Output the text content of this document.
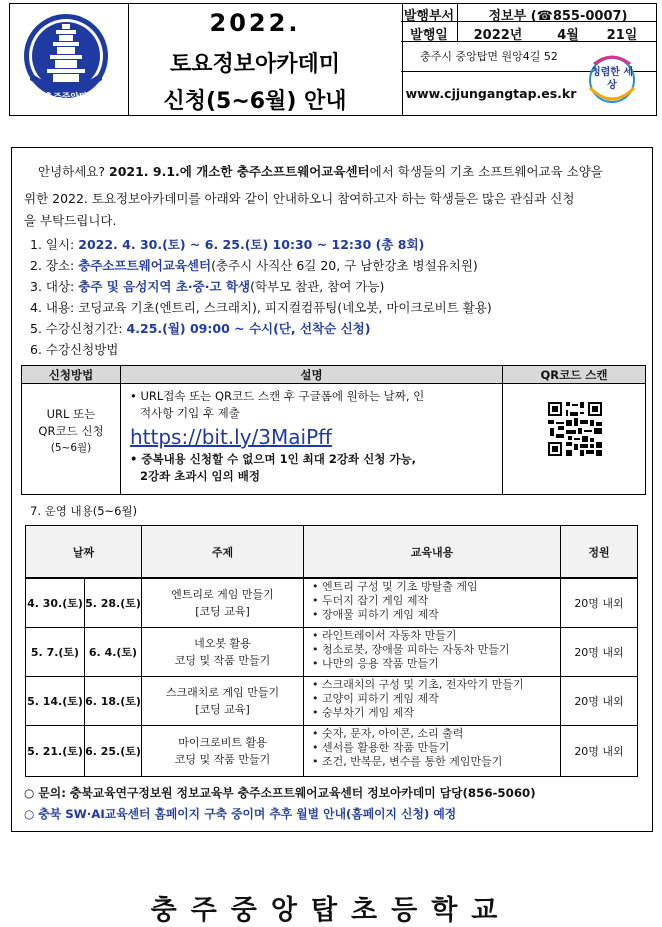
충주중앙탑
2022.
토요정보아카데미
신청(5~6월) 안내
발행부서	정보부 (☎855-0007)
발행일	2022년	4월	21일
충주시 중앙탑면 원앙4길 52
www.cjjungangtap.es.kr
청렴한 세상
안녕하세요? 2021. 9.1.에 개소한 충주소프트웨어교육센터에서 학생들의 기초 소프트웨어교육 소양을
위한 2022. 토요정보아카데미를 아래와 같이 안내하오니 참여하고자 하는 학생들은 많은 관심과 신청
을 부탁드립니다.
1. 일시: 2022. 4. 30.(토) ~ 6. 25.(토) 10:30 ~ 12:30 (총 8회)
2. 장소: 충주소프트웨어교육센터(충주시 사직산 6길 20, 구 남한강초 병설유치원)
3. 대상: 충주 및 음성지역 초·중·고 학생(학부모 참관, 참여 가능)
4. 내용: 코딩교육 기초(엔트리, 스크래치), 피지컬컴퓨팅(네오봇, 마이크로비트 활용)
5. 수강신청기간: 4.25.(월) 09:00 ~ 수시(단, 선착순 신청)
6. 수강신청방법
신청방법	설명	QR코드 스캔
URL 또는
QR코드 신청
(5~6월)
• URL접속 또는 QR코드 스캔 후 구글폼에 원하는 날짜, 인
적사항 기입 후 제출
https://bit.ly/3MaiPff
• 중복내용 신청할 수 없으며 1인 최대 2강좌 신청 가능,
2강좌 초과시 임의 배정
7. 운영 내용(5~6월)
날짜	주제	교육내용	정원
4. 30.(토) 5. 28.(토)
엔트리로 게임 만들기
[코딩 교육]
• 엔트리 구성 및 기초 방탈출 게임
• 두더지 잡기 게임 제작
• 장애물 피하기 게임 제작
20명 내외
5. 7.(토) 6. 4.(토)
네오봇 활용
코딩 및 작품 만들기
• 라인트레이서 자동차 만들기
• 청소로봇, 장애물 피하는 자동차 만들기
• 나만의 응용 작품 만들기
20명 내외
5. 14.(토) 6. 18.(토)
스크래치로 게임 만들기
[코딩 교육]
• 스크래치의 구성 및 기초, 전자악기 만들기
• 고양이 피하기 게임 제작
• 숭부차기 게임 제작
20명 내외
5. 21.(토) 6. 25.(토)
마이크로비트 활용
코딩 및 작품 만들기
• 숫자, 문자, 아이콘, 소리 출력
• 센서를 활용한 작품 만들기
• 조건, 반복문, 변수를 통한 게임만들기
20명 내외
○ 문의: 충북교육연구정보원 정보교육부 충주소프트웨어교육센터 정보아카데미 담당(856-5060)
○ 충북 SW·AI교육센터 홈페이지 구축 중이며 추후 월별 안내(홈페이지 신청) 예정
충주중앙탑초등학교
